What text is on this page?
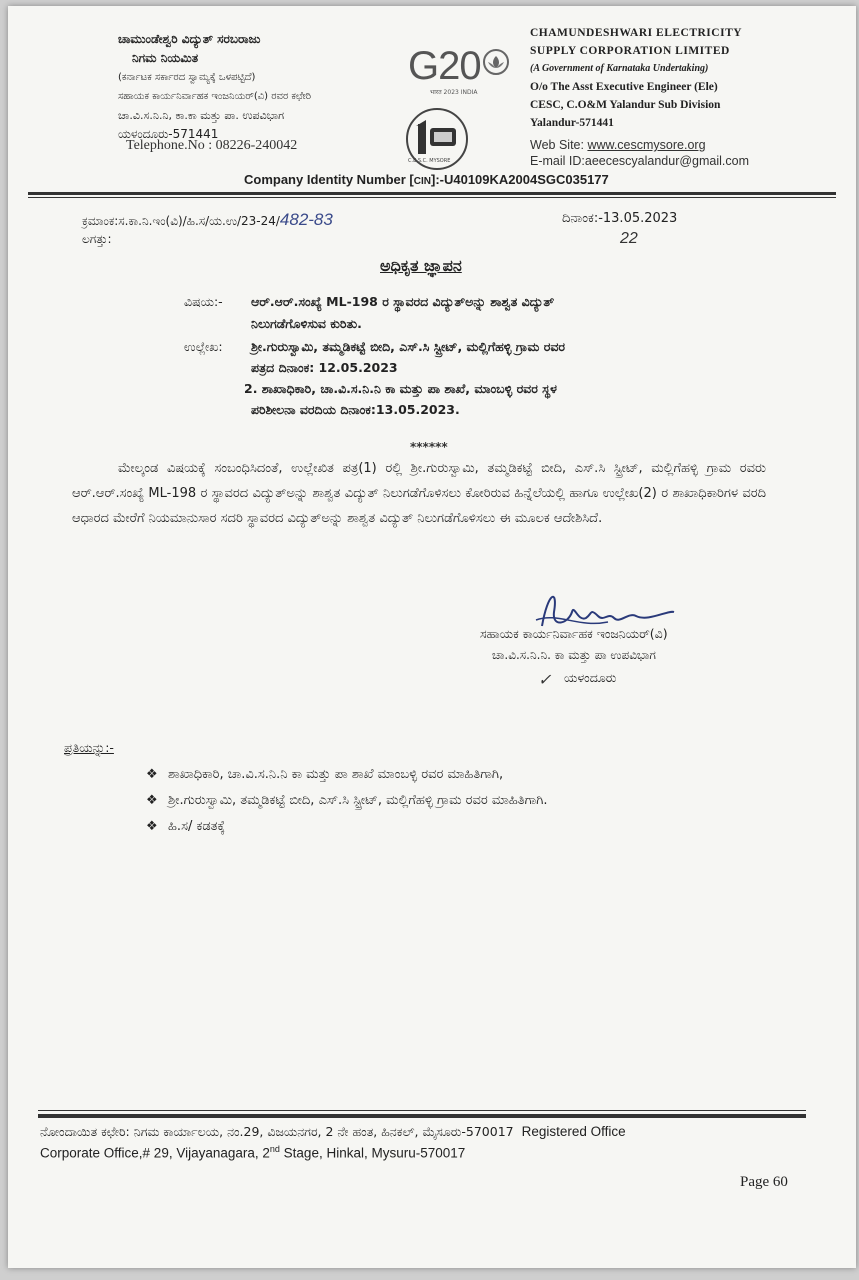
ಚಾಮುಂಡೇಶ್ವರಿ ವಿದ್ಯುತ್ ಸರಬರಾಜು
ನಿಗಮ ನಿಯಮಿತ
(ಕರ್ನಾಟಕ ಸರ್ಕಾರದ ಸ್ವಾಮ್ಯಕ್ಕೆ ಒಳಪಟ್ಟಿದೆ)
ಸಹಾಯಕ ಕಾರ್ಯನಿರ್ವಾಹಕ ಇಂಜನಿಯರ್(ವಿ) ರವರ ಕಛೇರಿ
ಚಾ.ವಿ.ಸ.ನಿ.ನಿ, ಕಾ.ಕಾ ಮತ್ತು ಪಾ. ಉಪವಿಭಾಗ
ಯಳಂದೂರು-571441
Telephone.No : 08226-240042
G20
भारत 2023 INDIA
C.E.S.C. MYSORE
CHAMUNDESHWARI ELECTRICITY
SUPPLY CORPORATION LIMITED
(A Government of Karnataka Undertaking)
O/o The Asst Executive Engineer (Ele)
CESC, C.O&M Yalandur Sub Division
Yalandur-571441
Web Site: www.cescmysore.org
E-mail ID:aeecescyalandur@gmail.com
Company Identity Number [CIN]:-U40109KA2004SGC035177
ಕ್ರಮಾಂಕ:ಸ.ಕಾ.ನಿ.ಇಂ(ವಿ)/ಹಿ.ಸ/ಯ.ಉ/23-24/482-83
ಲಗತ್ತು:
ದಿನಾಂಕ:-13.05.2023
22
ಅಧಿಕೃತ ಜ್ಞಾಪನ
ವಿಷಯ:- ಆರ್.ಆರ್.ಸಂಖ್ಯೆ ML-198 ರ ಸ್ಥಾವರದ ವಿದ್ಯುತ್‌ಅನ್ನು ಶಾಶ್ವತ ವಿದ್ಯುತ್
ನಿಲುಗಡೆಗೊಳಿಸುವ ಕುರಿತು.
ಉಲ್ಲೇಖ: ಶ್ರೀ.ಗುರುಸ್ವಾಮಿ, ತಮ್ಮಡಿಕಟ್ಟೆ ಬೀದಿ, ಎಸ್.ಸಿ ಸ್ಟ್ರೀಟ್, ಮಲ್ಲಿಗೆಹಳ್ಳಿ ಗ್ರಾಮ ರವರ
ಪತ್ರದ ದಿನಾಂಕ: 12.05.2023
2. ಶಾಖಾಧಿಕಾರಿ, ಚಾ.ವಿ.ಸ.ನಿ.ನಿ ಕಾ ಮತ್ತು ಪಾ ಶಾಖೆ, ಮಾಂಬಳ್ಳಿ ರವರ ಸ್ಥಳ
ಪರಿಶೀಲನಾ ವರದಿಯ ದಿನಾಂಕ:13.05.2023.
******
ಮೇಲ್ಕಂಡ ವಿಷಯಕ್ಕೆ ಸಂಬಂಧಿಸಿದಂತೆ, ಉಲ್ಲೇಖಿತ ಪತ್ರ(1) ರಲ್ಲಿ ಶ್ರೀ.ಗುರುಸ್ವಾಮಿ, ತಮ್ಮಡಿಕಟ್ಟೆ ಬೀದಿ, ಎಸ್.ಸಿ ಸ್ಟ್ರೀಟ್, ಮಲ್ಲಿಗೆಹಳ್ಳಿ ಗ್ರಾಮ ರವರು ಆರ್.ಆರ್.ಸಂಖ್ಯೆ ML-198 ರ ಸ್ಥಾವರದ ವಿದ್ಯುತ್‌ಅನ್ನು ಶಾಶ್ವತ ವಿದ್ಯುತ್ ನಿಲುಗಡೆಗೊಳಿಸಲು ಕೋರಿರುವ ಹಿನ್ನೆಲೆಯಲ್ಲಿ ಹಾಗೂ ಉಲ್ಲೇಖ(2) ರ ಶಾಖಾಧಿಕಾರಿಗಳ ವರದಿ ಆಧಾರದ ಮೇರೆಗೆ ನಿಯಮಾನುಸಾರ ಸದರಿ ಸ್ಥಾವರದ ವಿದ್ಯುತ್‌ಅನ್ನು ಶಾಶ್ವತ ವಿದ್ಯುತ್ ನಿಲುಗಡೆಗೊಳಿಸಲು ಈ ಮೂಲಕ ಆದೇಶಿಸಿದೆ.
ಸಹಾಯಕ ಕಾರ್ಯನಿರ್ವಾಹಕ ಇಂಜನಿಯರ್(ವಿ)
ಚಾ.ವಿ.ಸ.ನಿ.ನಿ. ಕಾ ಮತ್ತು ಪಾ ಉಪವಿಭಾಗ
✓ ಯಳಂದೂರು
ಪ್ರತಿಯನ್ನು:-
❖ ಶಾಖಾಧಿಕಾರಿ, ಚಾ.ವಿ.ಸ.ನಿ.ನಿ ಕಾ ಮತ್ತು ಪಾ ಶಾಖೆ ಮಾಂಬಳ್ಳಿ ರವರ ಮಾಹಿತಿಗಾಗಿ,
❖ ಶ್ರೀ.ಗುರುಸ್ವಾಮಿ, ತಮ್ಮಡಿಕಟ್ಟೆ ಬೀದಿ, ಎಸ್.ಸಿ ಸ್ಟ್ರೀಟ್, ಮಲ್ಲಿಗೆಹಳ್ಳಿ ಗ್ರಾಮ ರವರ ಮಾಹಿತಿಗಾಗಿ.
❖ ಹಿ.ಸ/ ಕಡತಕ್ಕೆ
ನೋಂದಾಯಿತ ಕಛೇರಿ: ನಿಗಮ ಕಾರ್ಯಾಲಯ, ನಂ.29, ವಿಜಯನಗರ, 2 ನೇ ಹಂತ, ಹಿನಕಲ್, ಮೈಸೂರು-570017 Registered Office
Corporate Office,# 29, Vijayanagara, 2nd Stage, Hinkal, Mysuru-570017
Page 60
